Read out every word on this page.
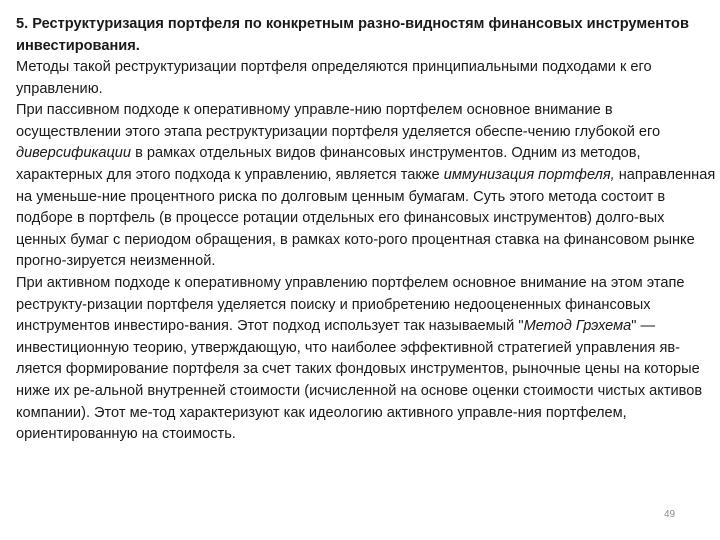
5. Реструктуризация портфеля по конкретным разно-видностям финансовых инструментов инвестирования.

Методы такой реструктуризации портфеля определяются принципиальными подходами к его управлению.

При пассивном подходе к оперативному управле-нию портфелем основное внимание в осуществлении этого этапа реструктуризации портфеля уделяется обеспе-чению глубокой его диверсификации в рамках отдельных видов финансовых инструментов. Одним из методов, характерных для этого подхода к управлению, является также иммунизация портфеля, направленная на уменьше-ние процентного риска по долговым ценным бумагам. Суть этого метода состоит в подборе в портфель (в процессе ротации отдельных его финансовых инструментов) долго-вых ценных бумаг с периодом обращения, в рамках кото-рого процентная ставка на финансовом рынке прогно-зируется неизменной.

При активном подходе к оперативному управлению портфелем основное внимание на этом этапе реструкту-ризации портфеля уделяется поиску и приобретению недооцененных финансовых инструментов инвестиро-вания. Этот подход использует так называемый "Метод Грэхема" — инвестиционную теорию, утверждающую, что наиболее эффективной стратегией управления яв-ляется формирование портфеля за счет таких фондовых инструментов, рыночные цены на которые ниже их ре-альной внутренней стоимости (исчисленной на основе оценки стоимости чистых активов компании). Этот ме-тод характеризуют как идеологию активного управле-ния портфелем, ориентированную на стоимость.

49
